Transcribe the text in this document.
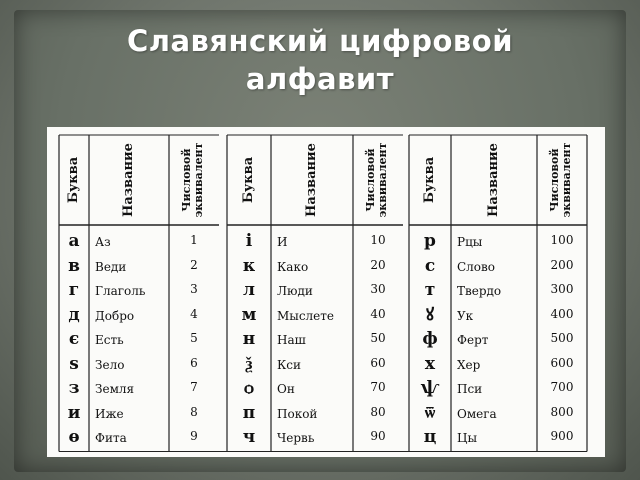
Славянский цифровой
алфавит
Буква	Название	Числовой эквивалент
а	Аз	1
в	Веди	2
г	Глаголь	3
д	Добро	4
є	Есть	5
ѕ	Зело	6
з	Земля	7
и	Иже	8
ѳ	Фита	9
Буква	Название	Числовой эквивалент
і	И	10
к	Како	20
л	Люди	30
м	Мыслете	40
н	Наш	50
ѯ	Кси	60
ѻ	Он	70
п	Покой	80
ч	Червь	90
Буква	Название	Числовой эквивалент
р	Рцы	100
с	Слово	200
т	Твердо	300
ꙋ	Ук	400
ф Ферт	500
х	Хер	600
ѱ Пси	700
ѿ	Омега	800
ц	Цы	900
